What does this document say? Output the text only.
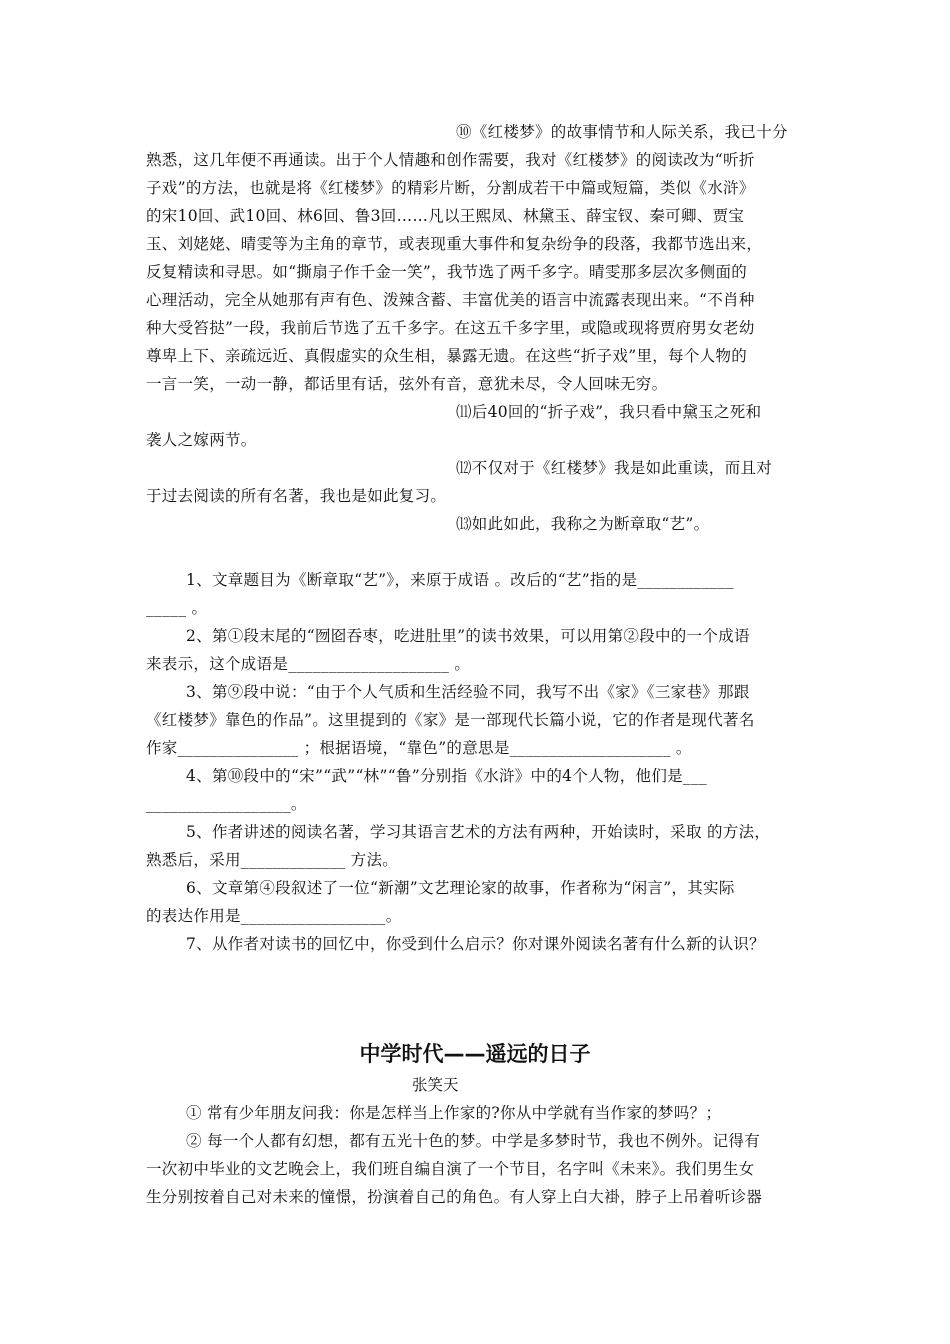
⑩《红楼梦》的故事情节和人际关系，我已十分
熟悉，这几年便不再通读。出于个人情趣和创作需要，我对《红楼梦》的阅读改为“听折
子戏”的方法，也就是将《红楼梦》的精彩片断，分割成若干中篇或短篇，类似《水浒》
的宋10回、武10回、林6回、鲁3回……凡以王熙凤、林黛玉、薛宝钗、秦可卿、贾宝
玉、刘姥姥、晴雯等为主角的章节，或表现重大事件和复杂纷争的段落，我都节选出来，
反复精读和寻思。如“撕扇子作千金一笑”，我节选了两千多字。晴雯那多层次多侧面的
心理活动，完全从她那有声有色、泼辣含蓄、丰富优美的语言中流露表现出来。“不肖种
种大受笞挞”一段，我前后节选了五千多字。在这五千多字里，或隐或现将贾府男女老幼
尊卑上下、亲疏远近、真假虚实的众生相，暴露无遗。在这些“折子戏”里，每个人物的
一言一笑，一动一静，都话里有话，弦外有音，意犹未尽，令人回味无穷。
⑾后40回的“折子戏”，我只看中黛玉之死和
袭人之嫁两节。
⑿不仅对于《红楼梦》我是如此重读，而且对
于过去阅读的所有名著，我也是如此复习。
⒀如此如此，我称之为断章取“艺”。
1、文章题目为《断章取“艺”》，来原于成语 。改后的“艺”指的是____________
_____ 。
2、第①段末尾的“囫囵吞枣，吃进肚里”的读书效果，可以用第②段中的一个成语
来表示，这个成语是____________________ 。
3、第⑨段中说：“由于个人气质和生活经验不同，我写不出《家》《三家巷》那跟
《红楼梦》靠色的作品”。这里提到的《家》是一部现代长篇小说，它的作者是现代著名
作家_______________ ；根据语境，“靠色”的意思是____________________ 。
4、第⑩段中的“宋”“武”“林”“鲁”分别指《水浒》中的4个人物，他们是___
__________________。
5、作者讲述的阅读名著，学习其语言艺术的方法有两种，开始读时，采取 的方法，
熟悉后，采用_____________ 方法。
6、文章第④段叙述了一位“新潮”文艺理论家的故事，作者称为“闲言”，其实际
的表达作用是__________________。
7、从作者对读书的回忆中，你受到什么启示？你对课外阅读名著有什么新的认识？
中学时代——遥远的日子
张笑天
① 常有少年朋友问我：你是怎样当上作家的?你从中学就有当作家的梦吗？；
② 每一个人都有幻想，都有五光十色的梦。中学是多梦时节，我也不例外。记得有
一次初中毕业的文艺晚会上，我们班自编自演了一个节目，名字叫《未来》。我们男生女
生分别按着自己对未来的憧憬，扮演着自己的角色。有人穿上白大褂，脖子上吊着听诊器
